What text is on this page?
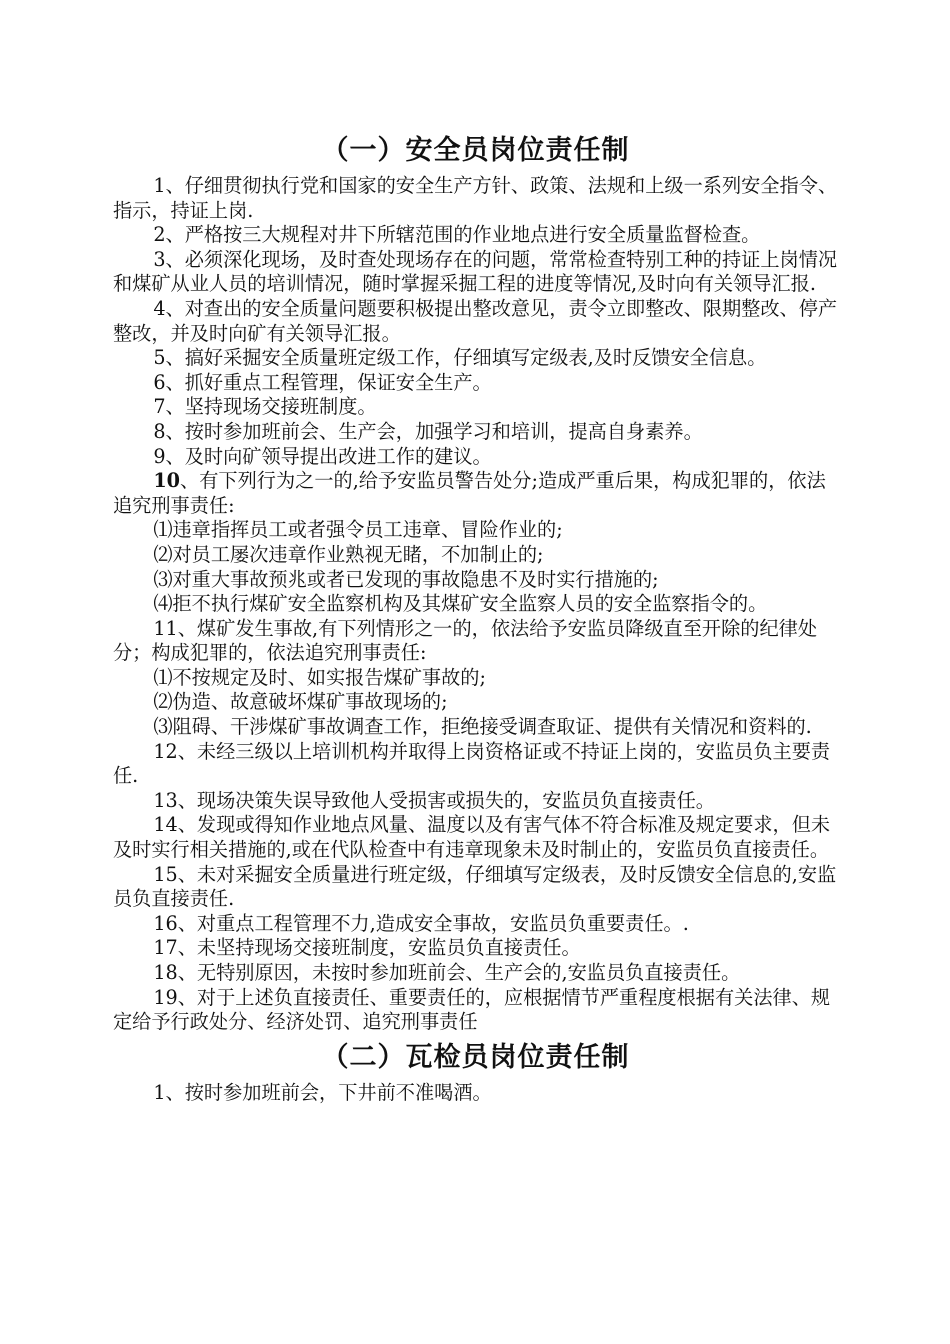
（一）安全员岗位责任制

1、仔细贯彻执行党和国家的安全生产方针、政策、法规和上级一系列安全指令、指示，持证上岗.

2、严格按三大规程对井下所辖范围的作业地点进行安全质量监督检查。

3、必须深化现场，及时查处现场存在的问题，常常检查特别工种的持证上岗情况和煤矿从业人员的培训情况，随时掌握采掘工程的进度等情况,及时向有关领导汇报.

4、对查出的安全质量问题要积极提出整改意见，责令立即整改、限期整改、停产整改，并及时向矿有关领导汇报。

5、搞好采掘安全质量班定级工作，仔细填写定级表,及时反馈安全信息。

6、抓好重点工程管理，保证安全生产。

7、坚持现场交接班制度。

8、按时参加班前会、生产会，加强学习和培训，提高自身素养。

9、及时向矿领导提出改进工作的建议。

10、有下列行为之一的,给予安监员警告处分;造成严重后果，构成犯罪的，依法追究刑事责任:

⑴违章指挥员工或者强令员工违章、冒险作业的;

⑵对员工屡次违章作业熟视无睹，不加制止的;

⑶对重大事故预兆或者已发现的事故隐患不及时实行措施的;

⑷拒不执行煤矿安全监察机构及其煤矿安全监察人员的安全监察指令的。

11、煤矿发生事故,有下列情形之一的，依法给予安监员降级直至开除的纪律处分；构成犯罪的，依法追究刑事责任:

⑴不按规定及时、如实报告煤矿事故的;

⑵伪造、故意破坏煤矿事故现场的;

⑶阻碍、干涉煤矿事故调查工作，拒绝接受调查取证、提供有关情况和资料的.

12、未经三级以上培训机构并取得上岗资格证或不持证上岗的，安监员负主要责任.

13、现场决策失误导致他人受损害或损失的，安监员负直接责任。

14、发现或得知作业地点风量、温度以及有害气体不符合标准及规定要求，但未及时实行相关措施的,或在代队检查中有违章现象未及时制止的，安监员负直接责任。

15、未对采掘安全质量进行班定级，仔细填写定级表，及时反馈安全信息的,安监员负直接责任.

16、对重点工程管理不力,造成安全事故，安监员负重要责任。.

17、未坚持现场交接班制度，安监员负直接责任。

18、无特别原因，未按时参加班前会、生产会的,安监员负直接责任。

19、对于上述负直接责任、重要责任的，应根据情节严重程度根据有关法律、规定给予行政处分、经济处罚、追究刑事责任

（二）瓦检员岗位责任制

1、按时参加班前会，下井前不准喝酒。
